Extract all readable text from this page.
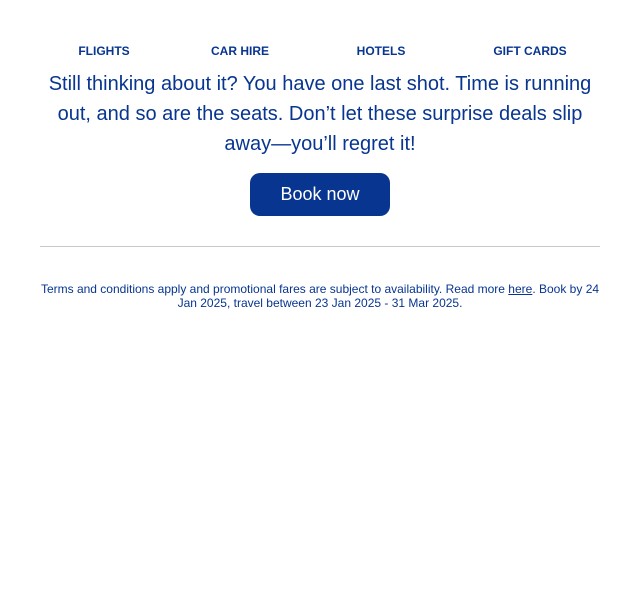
FLIGHTS	CAR HIRE	HOTELS	GIFT CARDS
Still thinking about it? You have one last shot. Time is running out, and so are the seats. Don’t let these surprise deals slip away—you’ll regret it!
Book now
Terms and conditions apply and promotional fares are subject to availability. Read more here. Book by 24 Jan 2025, travel between 23 Jan 2025 - 31 Mar 2025.
